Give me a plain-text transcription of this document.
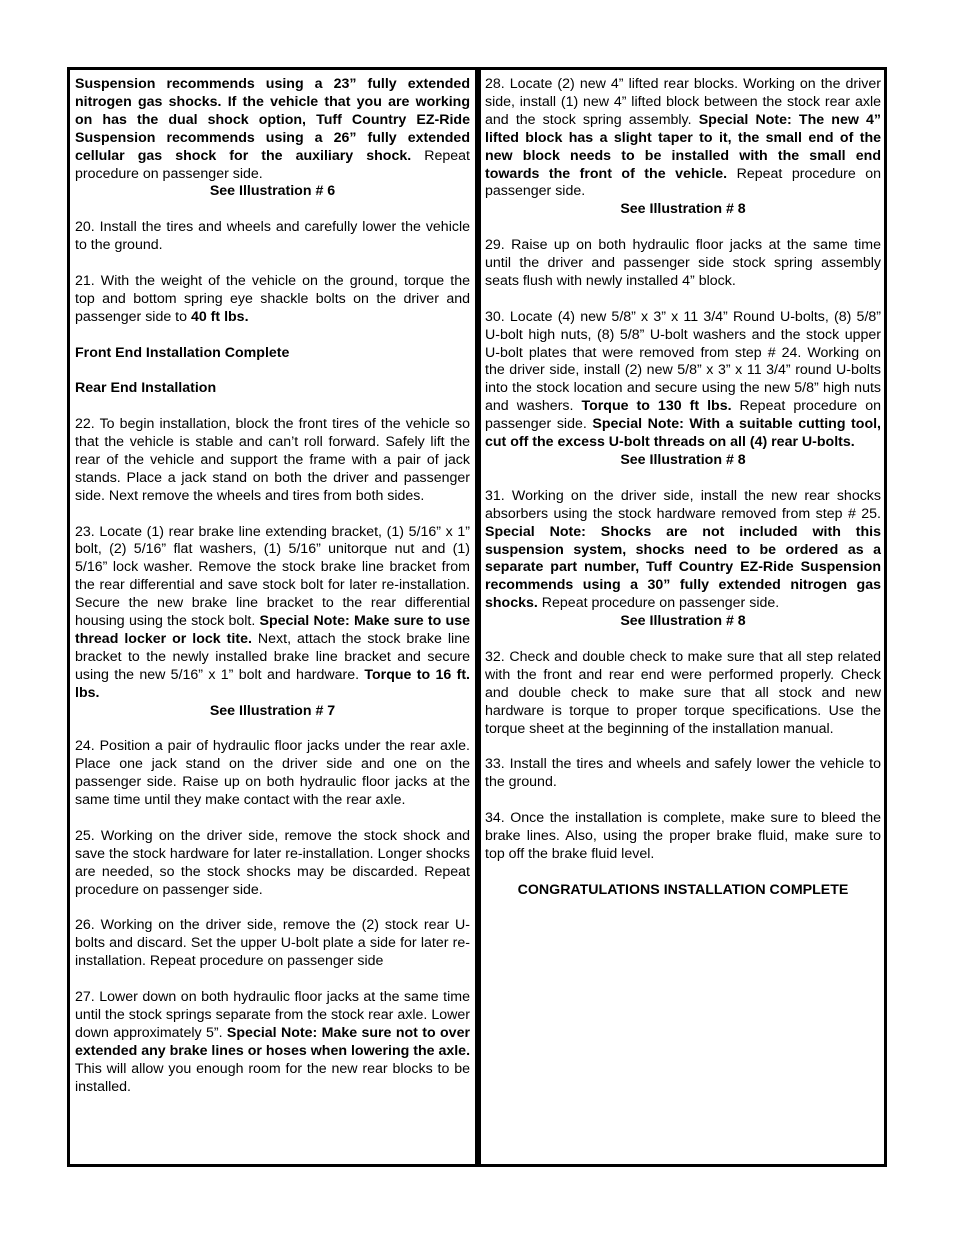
Suspension recommends using a 23” fully extended nitrogen gas shocks. If the vehicle that you are working on has the dual shock option, Tuff Country EZ-Ride Suspension recommends using a 26” fully extended cellular gas shock for the auxiliary shock. Repeat procedure on passenger side.

See Illustration # 6

20. Install the tires and wheels and carefully lower the vehicle to the ground.

21. With the weight of the vehicle on the ground, torque the top and bottom spring eye shackle bolts on the driver and passenger side to 40 ft lbs.

Front End Installation Complete

Rear End Installation

22. To begin installation, block the front tires of the vehicle so that the vehicle is stable and can’t roll forward. Safely lift the rear of the vehicle and support the frame with a pair of jack stands. Place a jack stand on both the driver and passenger side. Next remove the wheels and tires from both sides.

23. Locate (1) rear brake line extending bracket, (1) 5/16” x 1” bolt, (2) 5/16” flat washers, (1) 5/16” unitorque nut and (1) 5/16” lock washer. Remove the stock brake line bracket from the rear differential and save stock bolt for later re-installation. Secure the new brake line bracket to the rear differential housing using the stock bolt. Special Note: Make sure to use thread locker or lock tite. Next, attach the stock brake line bracket to the newly installed brake line bracket and secure using the new 5/16” x 1” bolt and hardware. Torque to 16 ft. lbs.

See Illustration # 7

24. Position a pair of hydraulic floor jacks under the rear axle. Place one jack stand on the driver side and one on the passenger side. Raise up on both hydraulic floor jacks at the same time until they make contact with the rear axle.

25. Working on the driver side, remove the stock shock and save the stock hardware for later re-installation. Longer shocks are needed, so the stock shocks may be discarded. Repeat procedure on passenger side.

26. Working on the driver side, remove the (2) stock rear U-bolts and discard. Set the upper U-bolt plate a side for later re-installation. Repeat procedure on passenger side

27. Lower down on both hydraulic floor jacks at the same time until the stock springs separate from the stock rear axle. Lower down approximately 5”. Special Note: Make sure not to over extended any brake lines or hoses when lowering the axle. This will allow you enough room for the new rear blocks to be installed.

28. Locate (2) new 4” lifted rear blocks. Working on the driver side, install (1) new 4” lifted block between the stock rear axle and the stock spring assembly. Special Note: The new 4” lifted block has a slight taper to it, the small end of the new block needs to be installed with the small end towards the front of the vehicle. Repeat procedure on passenger side.

See Illustration # 8

29. Raise up on both hydraulic floor jacks at the same time until the driver and passenger side stock spring assembly seats flush with newly installed 4” block.

30. Locate (4) new 5/8” x 3” x 11 3/4” Round U-bolts, (8) 5/8” U-bolt high nuts, (8) 5/8” U-bolt washers and the stock upper U-bolt plates that were removed from step # 24. Working on the driver side, install (2) new 5/8” x 3” x 11 3/4” round U-bolts into the stock location and secure using the new 5/8” high nuts and washers. Torque to 130 ft lbs. Repeat procedure on passenger side. Special Note: With a suitable cutting tool, cut off the excess U-bolt threads on all (4) rear U-bolts.

See Illustration # 8

31. Working on the driver side, install the new rear shocks absorbers using the stock hardware removed from step # 25. Special Note: Shocks are not included with this suspension system, shocks need to be ordered as a separate part number, Tuff Country EZ-Ride Suspension recommends using a 30” fully extended nitrogen gas shocks. Repeat procedure on passenger side.

See Illustration # 8

32. Check and double check to make sure that all step related with the front and rear end were performed properly. Check and double check to make sure that all stock and new hardware is torque to proper torque specifications. Use the torque sheet at the beginning of the installation manual.

33. Install the tires and wheels and safely lower the vehicle to the ground.

34. Once the installation is complete, make sure to bleed the brake lines. Also, using the proper brake fluid, make sure to top off the brake fluid level.

CONGRATULATIONS INSTALLATION COMPLETE
